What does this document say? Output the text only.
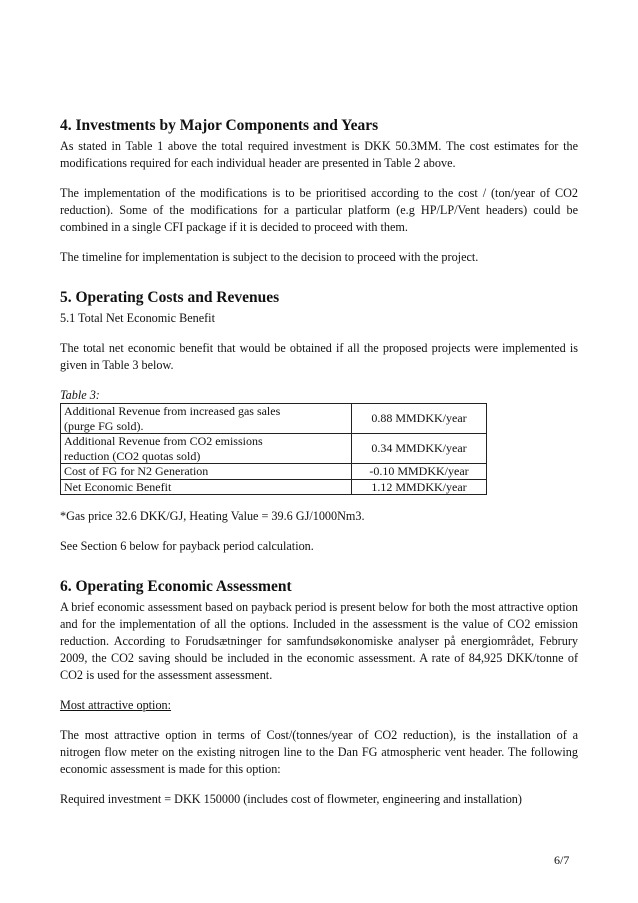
4. Investments by Major Components and Years

As stated in Table 1 above the total required investment is DKK 50.3MM. The cost estimates for the modifications required for each individual header are presented in Table 2 above.

The implementation of the modifications is to be prioritised according to the cost / (ton/year of CO2 reduction). Some of the modifications for a particular platform (e.g HP/LP/Vent headers) could be combined in a single CFI package if it is decided to proceed with them.

The timeline for implementation is subject to the decision to proceed with the project.

5. Operating Costs and Revenues

5.1 Total Net Economic Benefit

The total net economic benefit that would be obtained if all the proposed projects were implemented is given in Table 3 below.

Table 3:
Additional Revenue from increased gas sales
(purge FG sold).	0.88 MMDKK/year

Additional Revenue from CO2 emissions
reduction (CO2 quotas sold)	0.34 MMDKK/year
Cost of FG for N2 Generation	-0.10 MMDKK/year
Net Economic Benefit	1.12 MMDKK/year

*Gas price 32.6 DKK/GJ, Heating Value = 39.6 GJ/1000Nm3.

See Section 6 below for payback period calculation.

6. Operating Economic Assessment

A brief economic assessment based on payback period is present below for both the most attractive option and for the implementation of all the options. Included in the assessment is the value of CO2 emission reduction. According to Forudsætninger for samfundsøkonomiske analyser på energiområdet, Februry 2009, the CO2 saving should be included in the economic assessment. A rate of 84,925 DKK/tonne of CO2 is used for the assessment assessment.

Most attractive option:

The most attractive option in terms of Cost/(tonnes/year of CO2 reduction), is the installation of a nitrogen flow meter on the existing nitrogen line to the Dan FG atmospheric vent header. The following economic assessment is made for this option:

Required investment = DKK 150000 (includes cost of flowmeter, engineering and installation)

6/7
